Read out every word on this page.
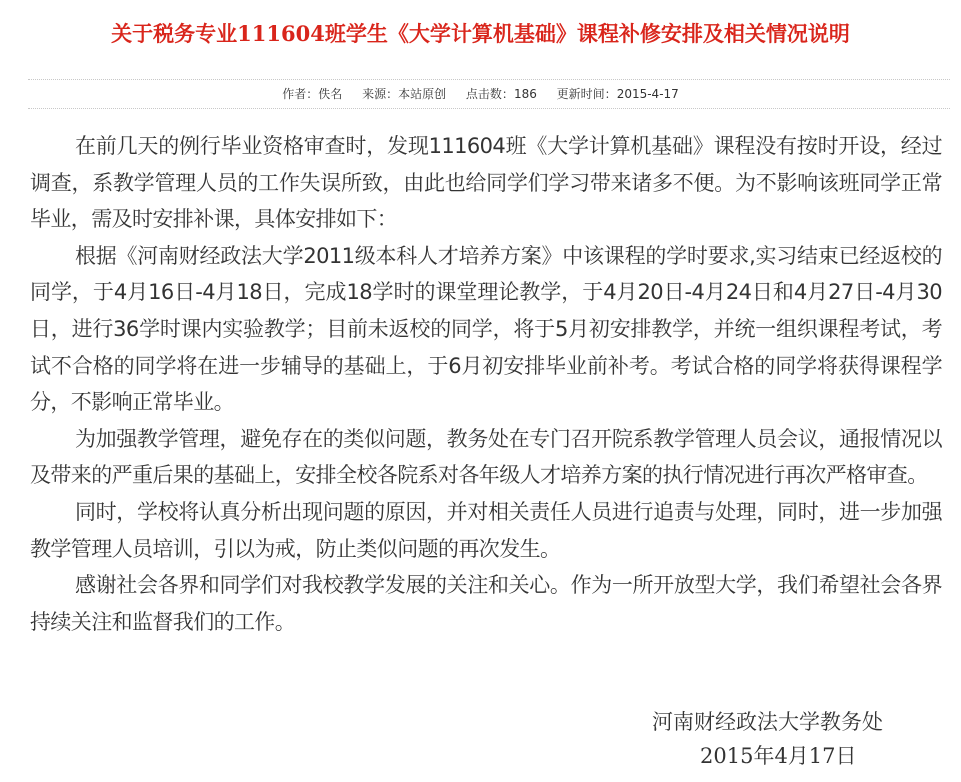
关于税务专业111604班学生《大学计算机基础》课程补修安排及相关情况说明
作者：佚名 来源：本站原创 点击数：186 更新时间：2015-4-17

在前几天的例行毕业资格审查时，发现111604班《大学计算机基础》课程没有按时开设，经过调查，系教学管理人员的工作失误所致，由此也给同学们学习带来诸多不便。为不影响该班同学正常毕业，需及时安排补课，具体安排如下：

根据《河南财经政法大学2011级本科人才培养方案》中该课程的学时要求,实习结束已经返校的同学，于4月16日-4月18日，完成18学时的课堂理论教学，于4月20日-4月24日和4月27日-4月30日，进行36学时课内实验教学；目前未返校的同学，将于5月初安排教学，并统一组织课程考试，考试不合格的同学将在进一步辅导的基础上，于6月初安排毕业前补考。考试合格的同学将获得课程学分，不影响正常毕业。

为加强教学管理，避免存在的类似问题，教务处在专门召开院系教学管理人员会议，通报情况以及带来的严重后果的基础上，安排全校各院系对各年级人才培养方案的执行情况进行再次严格审查。

同时，学校将认真分析出现问题的原因，并对相关责任人员进行追责与处理，同时，进一步加强教学管理人员培训，引以为戒，防止类似问题的再次发生。

感谢社会各界和同学们对我校教学发展的关注和关心。作为一所开放型大学，我们希望社会各界持续关注和监督我们的工作。

河南财经政法大学教务处
2015年4月17日
